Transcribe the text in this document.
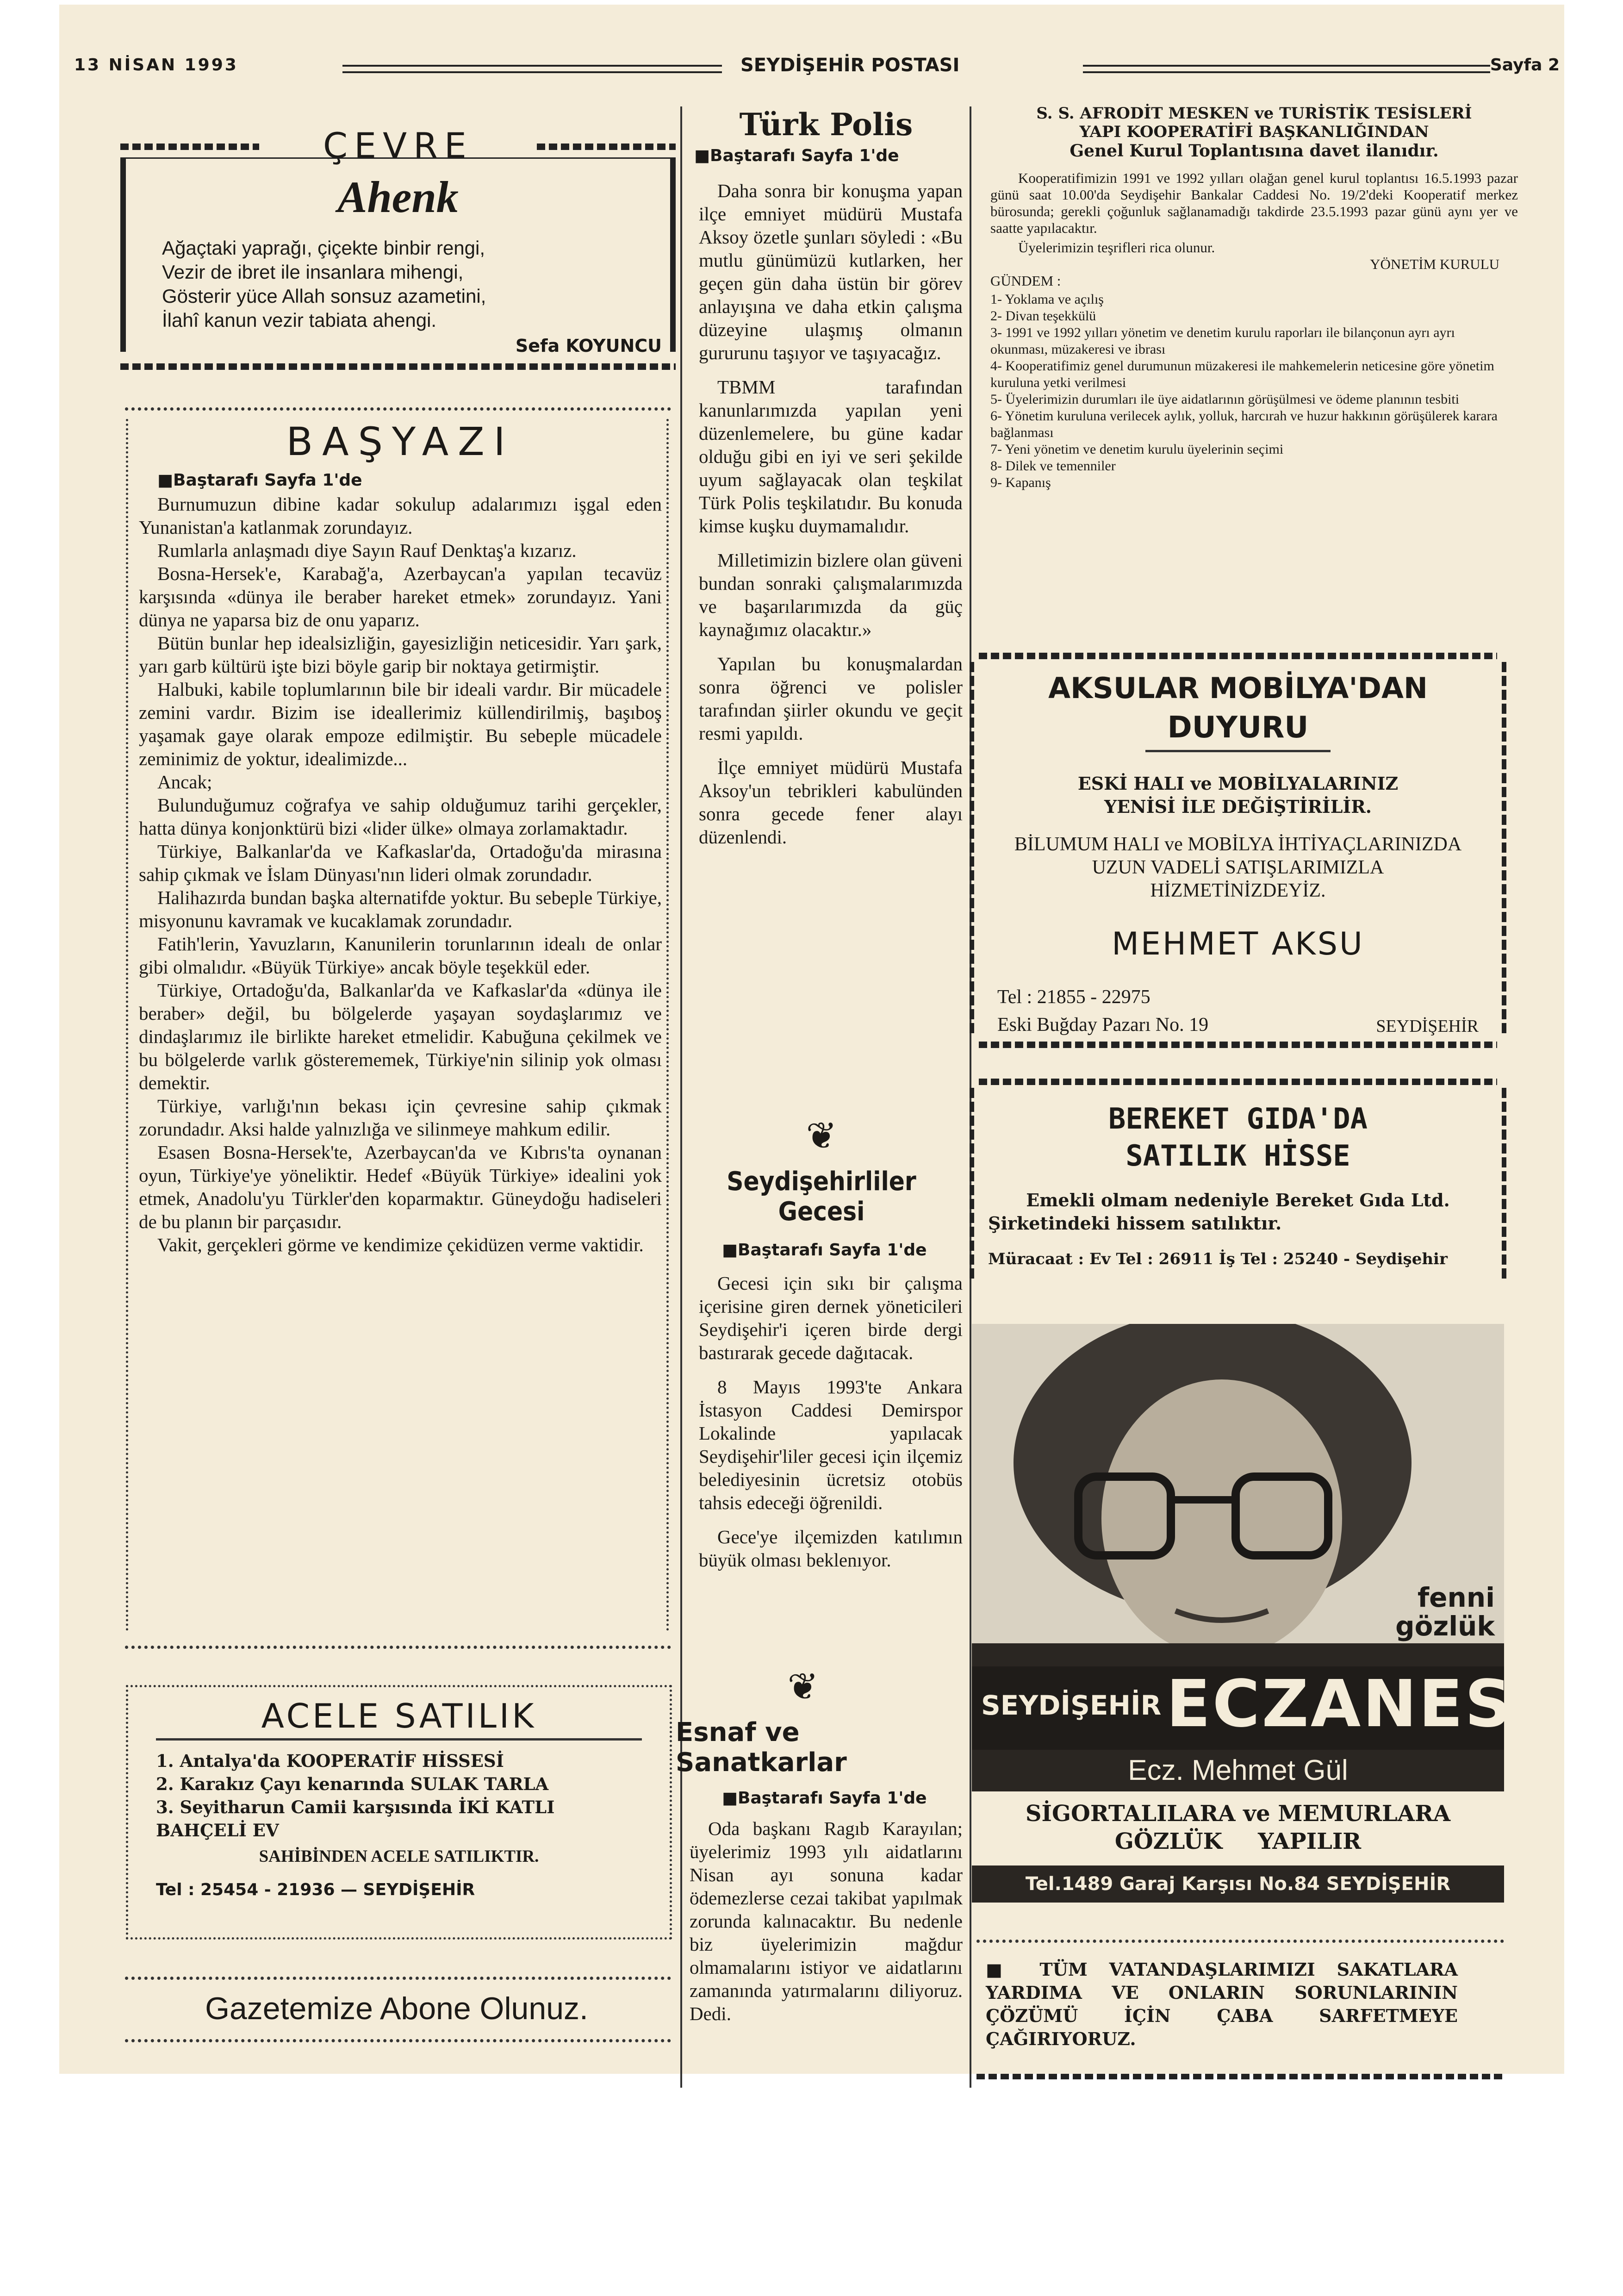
13 NİSAN 1993	SEYDİŞEHİR POSTASI	Sayfa 2
ÇEVRE
Ahenk
Ağaçtaki yaprağı, çiçekte binbir rengi,
Vezir de ibret ile insanlara mihengi,
Gösterir yüce Allah sonsuz azametini,
İlahî kanun vezir tabiata ahengi.
Sefa KOYUNCU
BAŞYAZI
■Baştarafı Sayfa 1'de

Burnumuzun dibine kadar sokulup adalarımızı işgal eden Yunanistan'a katlanmak zorundayız.

Rumlarla anlaşmadı diye Sayın Rauf Denktaş'a kızarız.

Bosna-Hersek'e, Karabağ'a, Azerbaycan'a yapılan tecavüz karşısında «dünya ile beraber hareket etmek» zorundayız. Yani dünya ne yaparsa biz de onu yaparız.

Bütün bunlar hep idealsizliğin, gayesizliğin neticesidir. Yarı şark, yarı garb kültürü işte bizi böyle garip bir noktaya getirmiştir.

Halbuki, kabile toplumlarının bile bir ideali vardır. Bir mücadele zemini vardır. Bizim ise ideallerimiz küllendirilmiş, başıboş yaşamak gaye olarak empoze edilmiştir. Bu sebeple mücadele zeminimiz de yoktur, idealimizde...

Ancak;

Bulunduğumuz coğrafya ve sahip olduğumuz tarihi gerçekler, hatta dünya konjonktürü bizi «lider ülke» olmaya zorlamaktadır.

Türkiye, Balkanlar'da ve Kafkaslar'da, Ortadoğu'da mirasına sahip çıkmak ve İslam Dünyası'nın lideri olmak zorundadır.

Halihazırda bundan başka alternatifde yoktur. Bu sebeple Türkiye, misyonunu kavramak ve kucaklamak zorundadır.

Fatih'lerin, Yavuzların, Kanunilerin torunlarının idealı de onlar gibi olmalıdır. «Büyük Türkiye» ancak böyle teşekkül eder.

Türkiye, Ortadoğu'da, Balkanlar'da ve Kafkaslar'da «dünya ile beraber» değil, bu bölgelerde yaşayan soydaşlarımız ve dindaşlarımız ile birlikte hareket etmelidir. Kabuğuna çekilmek ve bu bölgelerde varlık gösterememek, Türkiye'nin silinip yok olması demektir.

Türkiye, varlığı'nın bekası için çevresine sahip çıkmak zorundadır. Aksi halde yalnızlığa ve silinmeye mahkum edilir.

Esasen Bosna-Hersek'te, Azerbaycan'da ve Kıbrıs'ta oynanan oyun, Türkiye'ye yöneliktir. Hedef «Büyük Türkiye» idealini yok etmek, Anadolu'yu Türkler'den koparmaktır. Güneydoğu hadiseleri de bu planın bir parçasıdır.

Vakit, gerçekleri görme ve kendimize çekidüzen verme vaktidir.

ACELE SATILIK
1. Antalya'da KOOPERATİF HİSSESİ
2. Karakız Çayı kenarında SULAK TARLA
3. Seyitharun Camii karşısında İKİ KATLI BAHÇELİ EV
SAHİBİNDEN ACELE SATILIKTIR.
Tel : 25454 - 21936 — SEYDİŞEHİR
Gazetemize Abone Olunuz.
Türk Polis
■Baştarafı Sayfa 1'de

Daha sonra bir konuşma yapan ilçe emniyet müdürü Mustafa Aksoy özetle şunları söyledi : «Bu mutlu günümüzü kutlarken, her geçen gün daha üstün bir görev anlayışına ve daha etkin çalışma düzeyine ulaşmış olmanın gururunu taşıyor ve taşıyacağız.

TBMM tarafından kanunlarımızda yapılan yeni düzenlemelere, bu güne kadar olduğu gibi en iyi ve seri şekilde uyum sağlayacak olan teşkilat Türk Polis teşkilatıdır. Bu konuda kimse kuşku duymamalıdır.

Milletimizin bizlere olan güveni bundan sonraki çalışmalarımızda ve başarılarımızda da güç kaynağımız olacaktır.»

Yapılan bu konuşmalardan sonra öğrenci ve polisler tarafından şiirler okundu ve geçit resmi yapıldı.

İlçe emniyet müdürü Mustafa Aksoy'un tebrikleri kabulünden sonra gecede fener alayı düzenlendi.

❦
Seydişehirliler Gecesi
■Baştarafı Sayfa 1'de

Gecesi için sıkı bir çalışma içerisine giren dernek yöneticileri Seydişehir'i içeren birde dergi bastırarak gecede dağıtacak.

8 Mayıs 1993'te Ankara İstasyon Caddesi Demirspor Lokalinde yapılacak Seydişehir'liler gecesi için ilçemiz belediyesinin ücretsiz otobüs tahsis edeceği öğrenildi.

Gece'ye ilçemizden katılımın büyük olması beklenıyor.

❦
Esnaf ve Sanatkarlar
■Baştarafı Sayfa 1'de

Oda başkanı Ragıb Karayılan; üyelerimiz 1993 yılı aidatlarını Nisan ayı sonuna kadar ödemezlerse cezai takibat yapılmak zorunda kalınacaktır. Bu nedenle biz üyelerimizin mağdur olmamalarını istiyor ve aidatlarını zamanında yatırmalarını diliyoruz. Dedi.

S. S. AFRODİT MESKEN ve TURİSTİK TESİSLERİ
YAPI KOOPERATİFİ BAŞKANLIĞINDAN
Genel Kurul Toplantısına davet ilanıdır.

Kooperatifimizin 1991 ve 1992 yılları olağan genel kurul toplantısı 16.5.1993 pazar günü saat 10.00'da Seydişehir Bankalar Caddesi No. 19/2'deki Kooperatif merkez bürosunda; gerekli çoğunluk sağlanamadığı takdirde 23.5.1993 pazar günü aynı yer ve saatte yapılacaktır.

Üyelerimizin teşrifleri rica olunur.
YÖNETİM KURULU
GÜNDEM :
1- Yoklama ve açılış
2- Divan teşekkülü
3- 1991 ve 1992 yılları yönetim ve denetim kurulu raporları ile bilançonun ayrı ayrı okunması, müzakeresi ve ibrası
4- Kooperatifimiz genel durumunun müzakeresi ile mahkemelerin neticesine göre yönetim kuruluna yetki verilmesi
5- Üyelerimizin durumları ile üye aidatlarının görüşülmesi ve ödeme planının tesbiti
6- Yönetim kuruluna verilecek aylık, yolluk, harcırah ve huzur hakkının görüşülerek karara bağlanması
7- Yeni yönetim ve denetim kurulu üyelerinin seçimi
8- Dilek ve temenniler
9- Kapanış
AKSULAR MOBİLYA'DAN
DUYURU
ESKİ HALI ve MOBİLYALARINIZ
YENİSİ İLE DEĞİŞTİRİLİR.
BİLUMUM HALI ve MOBİLYA İHTİYAÇLARINIZDA
UZUN VADELİ SATIŞLARIMIZLA
HİZMETİNİZDEYİZ.
MEHMET AKSU
Tel : 21855 - 22975
Eski Buğday Pazarı No. 19	SEYDİŞEHİR
BEREKET GIDA'DA
SATILIK HİSSE
Emekli olmam nedeniyle Bereket Gıda Ltd.
Şirketindeki hissem satılıktır.
Müracaat : Ev Tel : 26911 İş Tel : 25240 - Seydişehir
fenni
gözlük
SEYDİŞEHİR ECZANESİ
Ecz. Mehmet Gül
SİGORTALILARA ve MEMURLARA
GÖZLÜK YAPILIR
Tel.1489 Garaj Karşısı No.84 SEYDİŞEHİR
■ TÜM VATANDAŞLARIMIZI SAKATLARA YARDIMA VE ONLARIN SORUNLARININ ÇÖZÜMÜ İÇİN ÇABA SARFETMEYE ÇAĞIRIYORUZ.
